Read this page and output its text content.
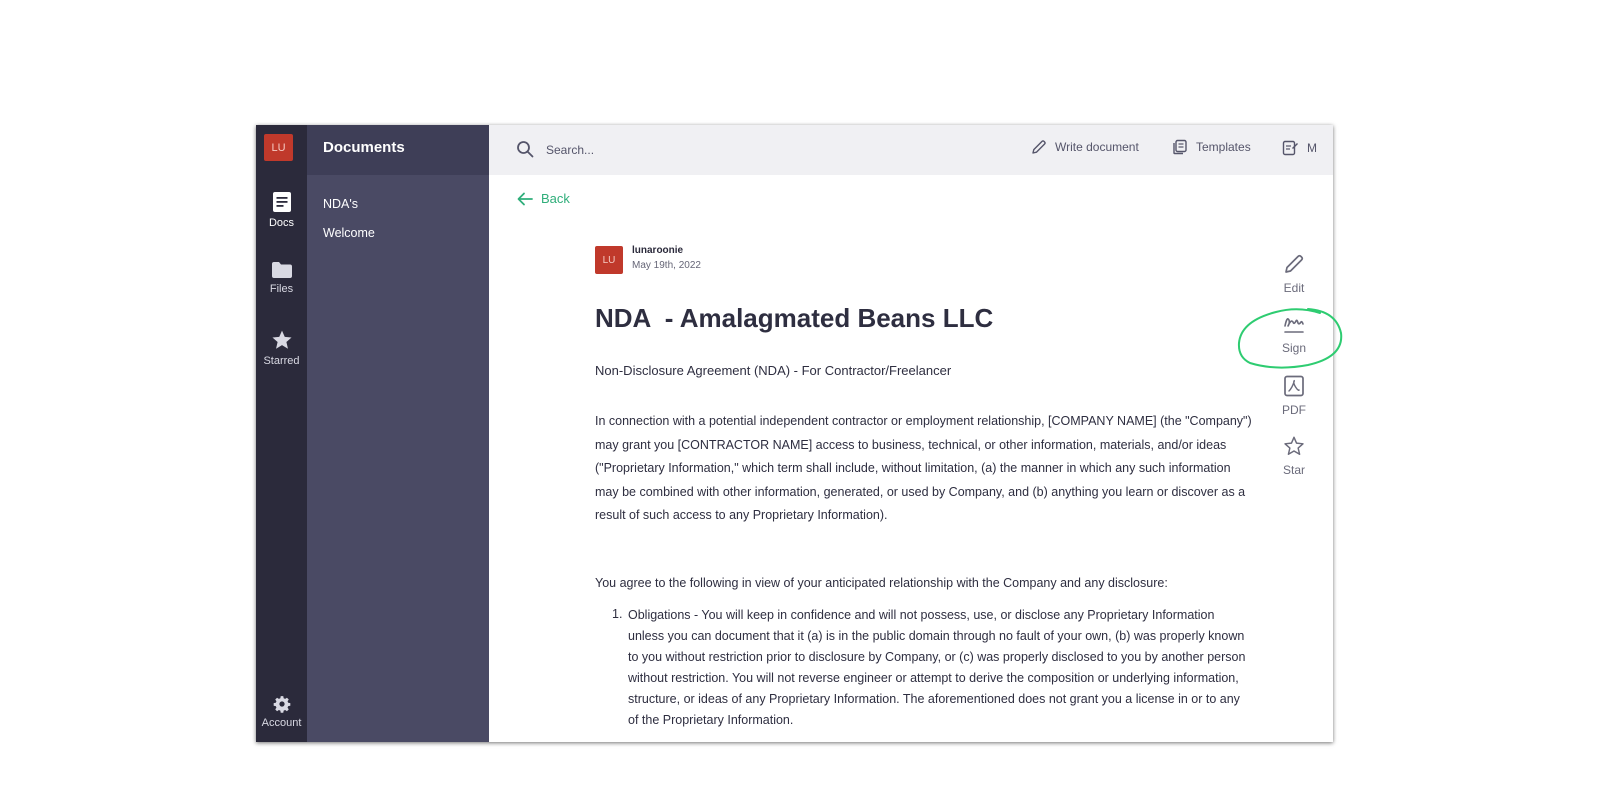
LU
Docs
Files
Starred
Account
Documents
NDA's
Welcome
Search...	Write document	Templates	M
Back
LU
lunaroonie
May 19th, 2022
NDA  - Amalagmated Beans LLC
Non-Disclosure Agreement (NDA) - For Contractor/Freelancer
In connection with a potential independent contractor or employment relationship, [COMPANY NAME] (the "Company") may grant you [CONTRACTOR NAME] access to business, technical, or other information, materials, and/or ideas ("Proprietary Information," which term shall include, without limitation, (a) the manner in which any such information may be combined with other information, generated, or used by Company, and (b) anything you learn or discover as a result of such access to any Proprietary Information).
You agree to the following in view of your anticipated relationship with the Company and any disclosure:
1. Obligations - You will keep in confidence and will not possess, use, or disclose any Proprietary Information unless you can document that it (a) is in the public domain through no fault of your own, (b) was properly known to you without restriction prior to disclosure by Company, or (c) was properly disclosed to you by another person without restriction. You will not reverse engineer or attempt to derive the composition or underlying information, structure, or ideas of any Proprietary Information. The aforementioned does not grant you a license in or to any of the Proprietary Information.
Edit
Sign
PDF
Star
